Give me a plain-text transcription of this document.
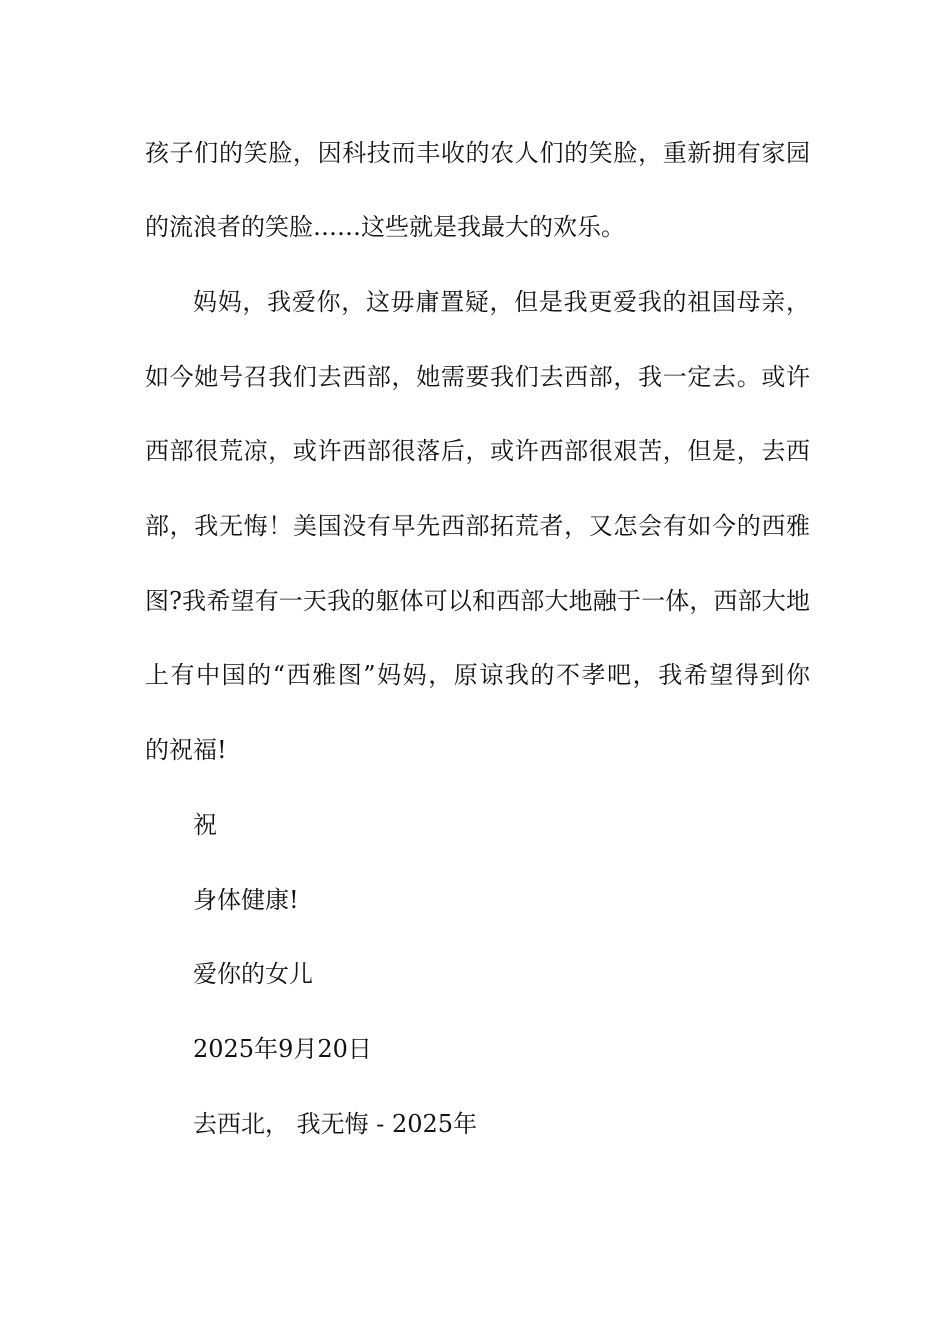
孩子们的笑脸，因科技而丰收的农人们的笑脸，重新拥有家园
的流浪者的笑脸……这些就是我最大的欢乐。
妈妈，我爱你，这毋庸置疑，但是我更爱我的祖国母亲，
如今她号召我们去西部，她需要我们去西部，我一定去。或许
西部很荒凉，或许西部很落后，或许西部很艰苦，但是，去西
部，我无悔！美国没有早先西部拓荒者，又怎会有如今的西雅
图?我希望有一天我的躯体可以和西部大地融于一体，西部大地
上有中国的“西雅图”妈妈，原谅我的不孝吧，我希望得到你
的祝福!
祝
身体健康!
爱你的女儿
2025年9月20日
去西北， 我无悔 - 2025年
